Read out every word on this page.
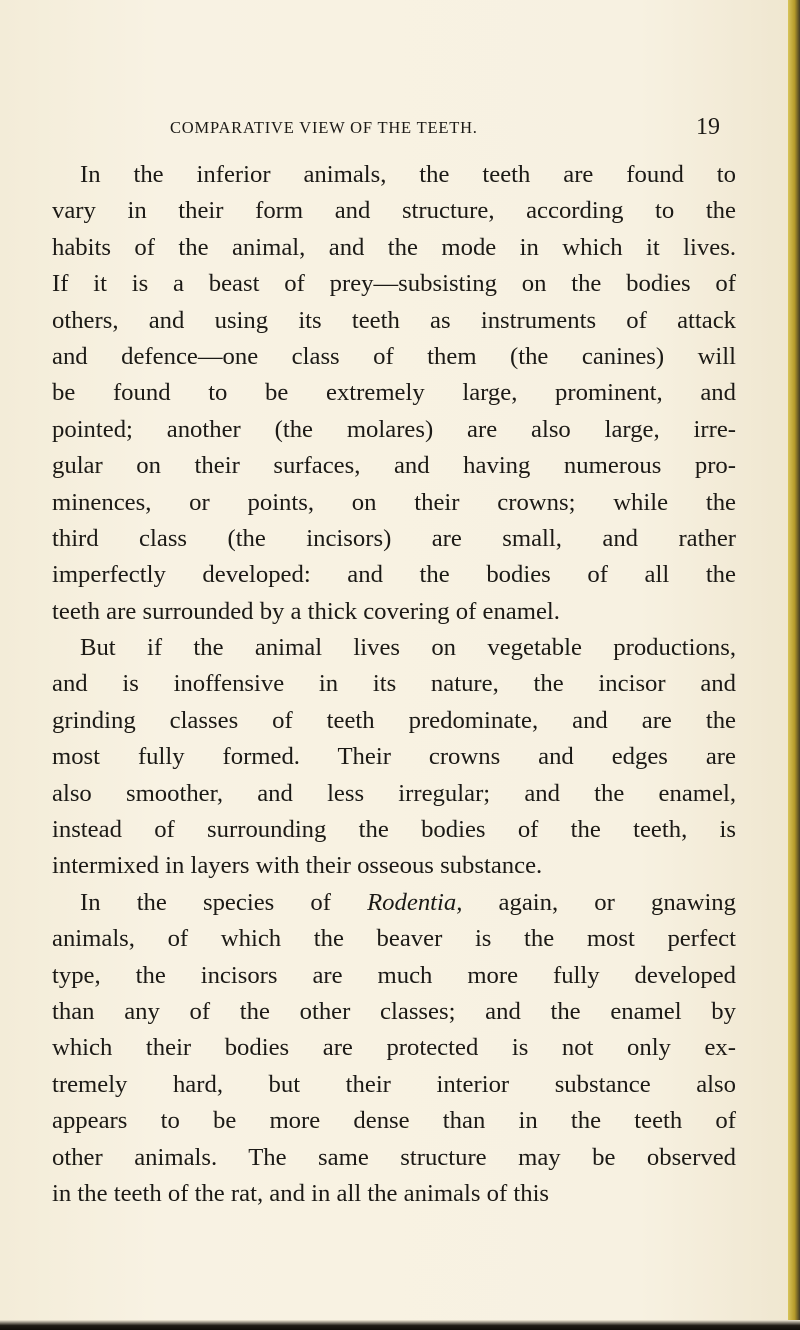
COMPARATIVE VIEW OF THE TEETH.	19
In the inferior animals, the teeth are found to
vary in their form and structure, according to the
habits of the animal, and the mode in which it lives.
If it is a beast of prey—subsisting on the bodies of
others, and using its teeth as instruments of attack
and defence—one class of them (the canines) will
be found to be extremely large, prominent, and
pointed; another (the molares) are also large, irre-
gular on their surfaces, and having numerous pro-
minences, or points, on their crowns; while the
third class (the incisors) are small, and rather
imperfectly developed: and the bodies of all the
teeth are surrounded by a thick covering of enamel.
But if the animal lives on vegetable productions,
and is inoffensive in its nature, the incisor and
grinding classes of teeth predominate, and are the
most fully formed. Their crowns and edges are
also smoother, and less irregular; and the enamel,
instead of surrounding the bodies of the teeth, is
intermixed in layers with their osseous substance.
In the species of Rodentia, again, or gnawing
animals, of which the beaver is the most perfect
type, the incisors are much more fully developed
than any of the other classes; and the enamel by
which their bodies are protected is not only ex-
tremely hard, but their interior substance also
appears to be more dense than in the teeth of
other animals. The same structure may be observed
in the teeth of the rat, and in all the animals of this
